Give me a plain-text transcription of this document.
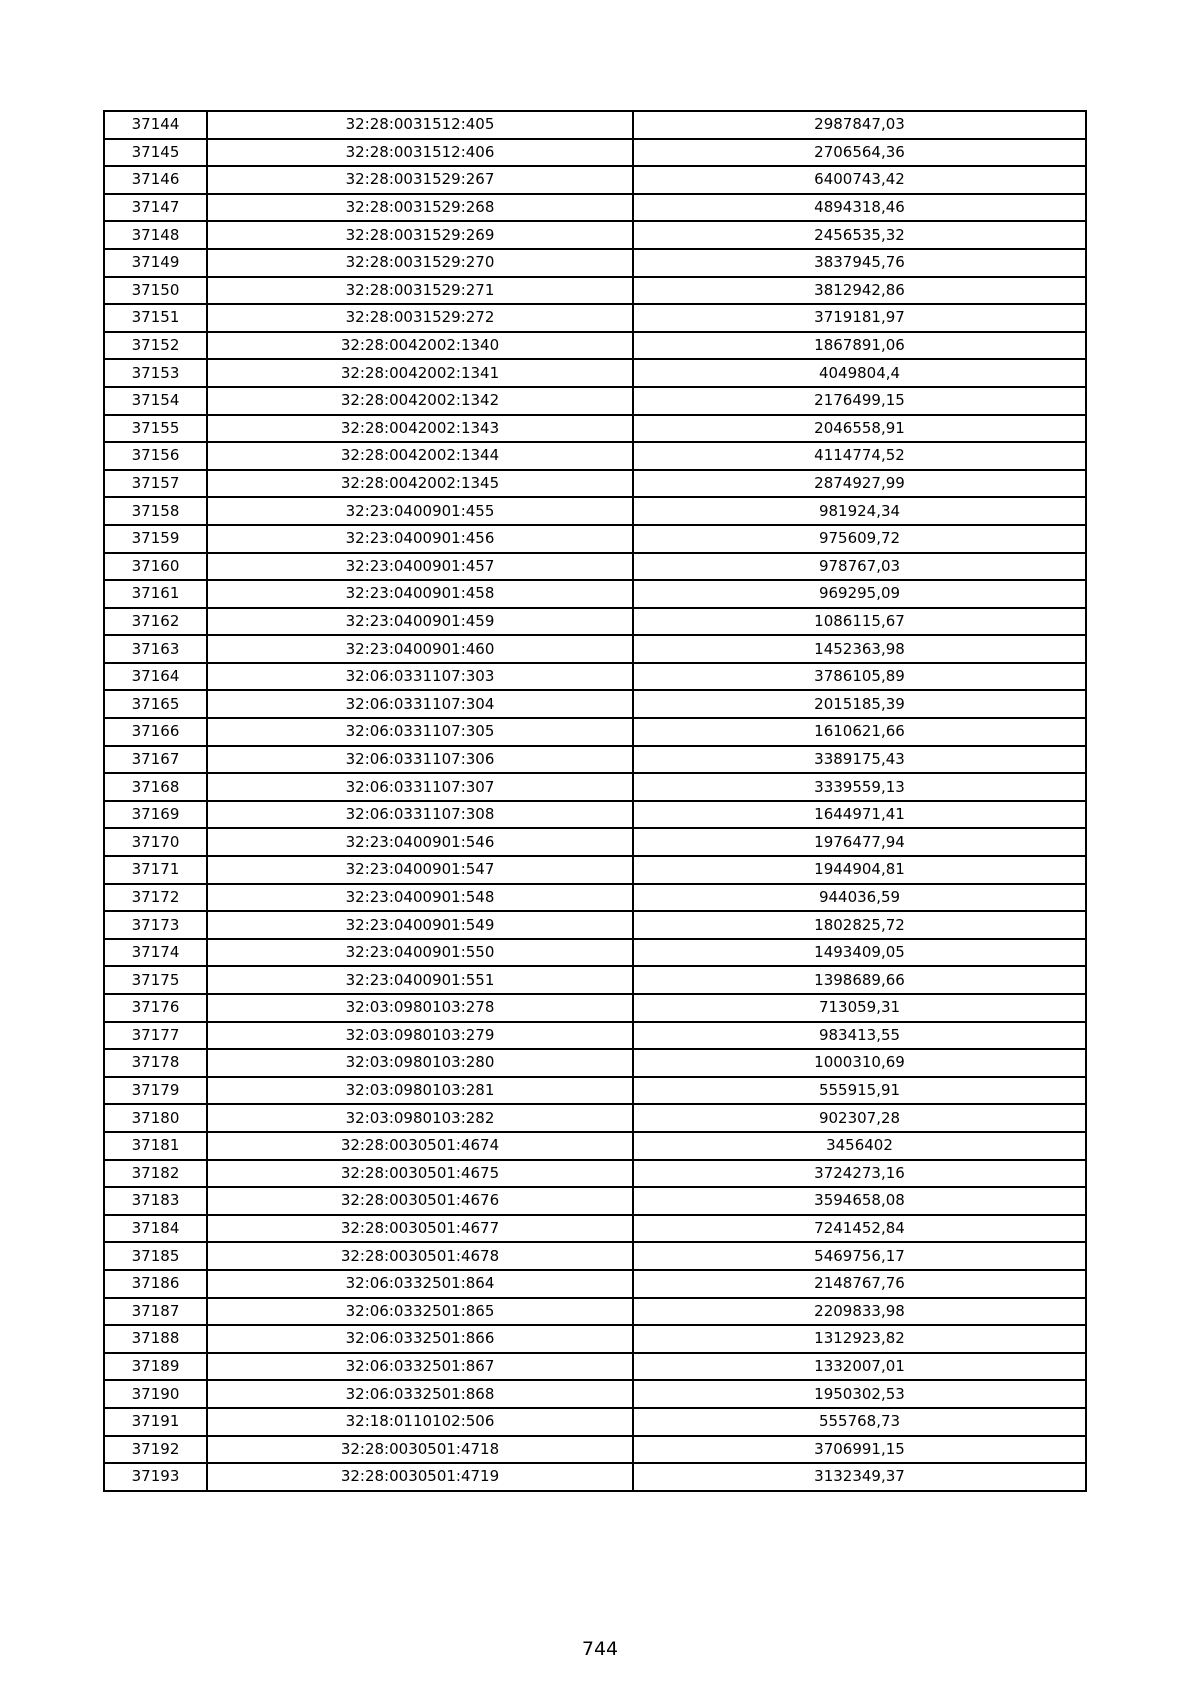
37144	32:28:0031512:405	2987847,03
37145	32:28:0031512:406	2706564,36
37146	32:28:0031529:267	6400743,42
37147	32:28:0031529:268	4894318,46
37148	32:28:0031529:269	2456535,32
37149	32:28:0031529:270	3837945,76
37150	32:28:0031529:271	3812942,86
37151	32:28:0031529:272	3719181,97
37152	32:28:0042002:1340	1867891,06
37153	32:28:0042002:1341	4049804,4
37154	32:28:0042002:1342	2176499,15
37155	32:28:0042002:1343	2046558,91
37156	32:28:0042002:1344	4114774,52
37157	32:28:0042002:1345	2874927,99
37158	32:23:0400901:455	981924,34
37159	32:23:0400901:456	975609,72
37160	32:23:0400901:457	978767,03
37161	32:23:0400901:458	969295,09
37162	32:23:0400901:459	1086115,67
37163	32:23:0400901:460	1452363,98
37164	32:06:0331107:303	3786105,89
37165	32:06:0331107:304	2015185,39
37166	32:06:0331107:305	1610621,66
37167	32:06:0331107:306	3389175,43
37168	32:06:0331107:307	3339559,13
37169	32:06:0331107:308	1644971,41
37170	32:23:0400901:546	1976477,94
37171	32:23:0400901:547	1944904,81
37172	32:23:0400901:548	944036,59
37173	32:23:0400901:549	1802825,72
37174	32:23:0400901:550	1493409,05
37175	32:23:0400901:551	1398689,66
37176	32:03:0980103:278	713059,31
37177	32:03:0980103:279	983413,55
37178	32:03:0980103:280	1000310,69
37179	32:03:0980103:281	555915,91
37180	32:03:0980103:282	902307,28
37181	32:28:0030501:4674	3456402
37182	32:28:0030501:4675	3724273,16
37183	32:28:0030501:4676	3594658,08
37184	32:28:0030501:4677	7241452,84
37185	32:28:0030501:4678	5469756,17
37186	32:06:0332501:864	2148767,76
37187	32:06:0332501:865	2209833,98
37188	32:06:0332501:866	1312923,82
37189	32:06:0332501:867	1332007,01
37190	32:06:0332501:868	1950302,53
37191	32:18:0110102:506	555768,73
37192	32:28:0030501:4718	3706991,15
37193	32:28:0030501:4719	3132349,37
744
